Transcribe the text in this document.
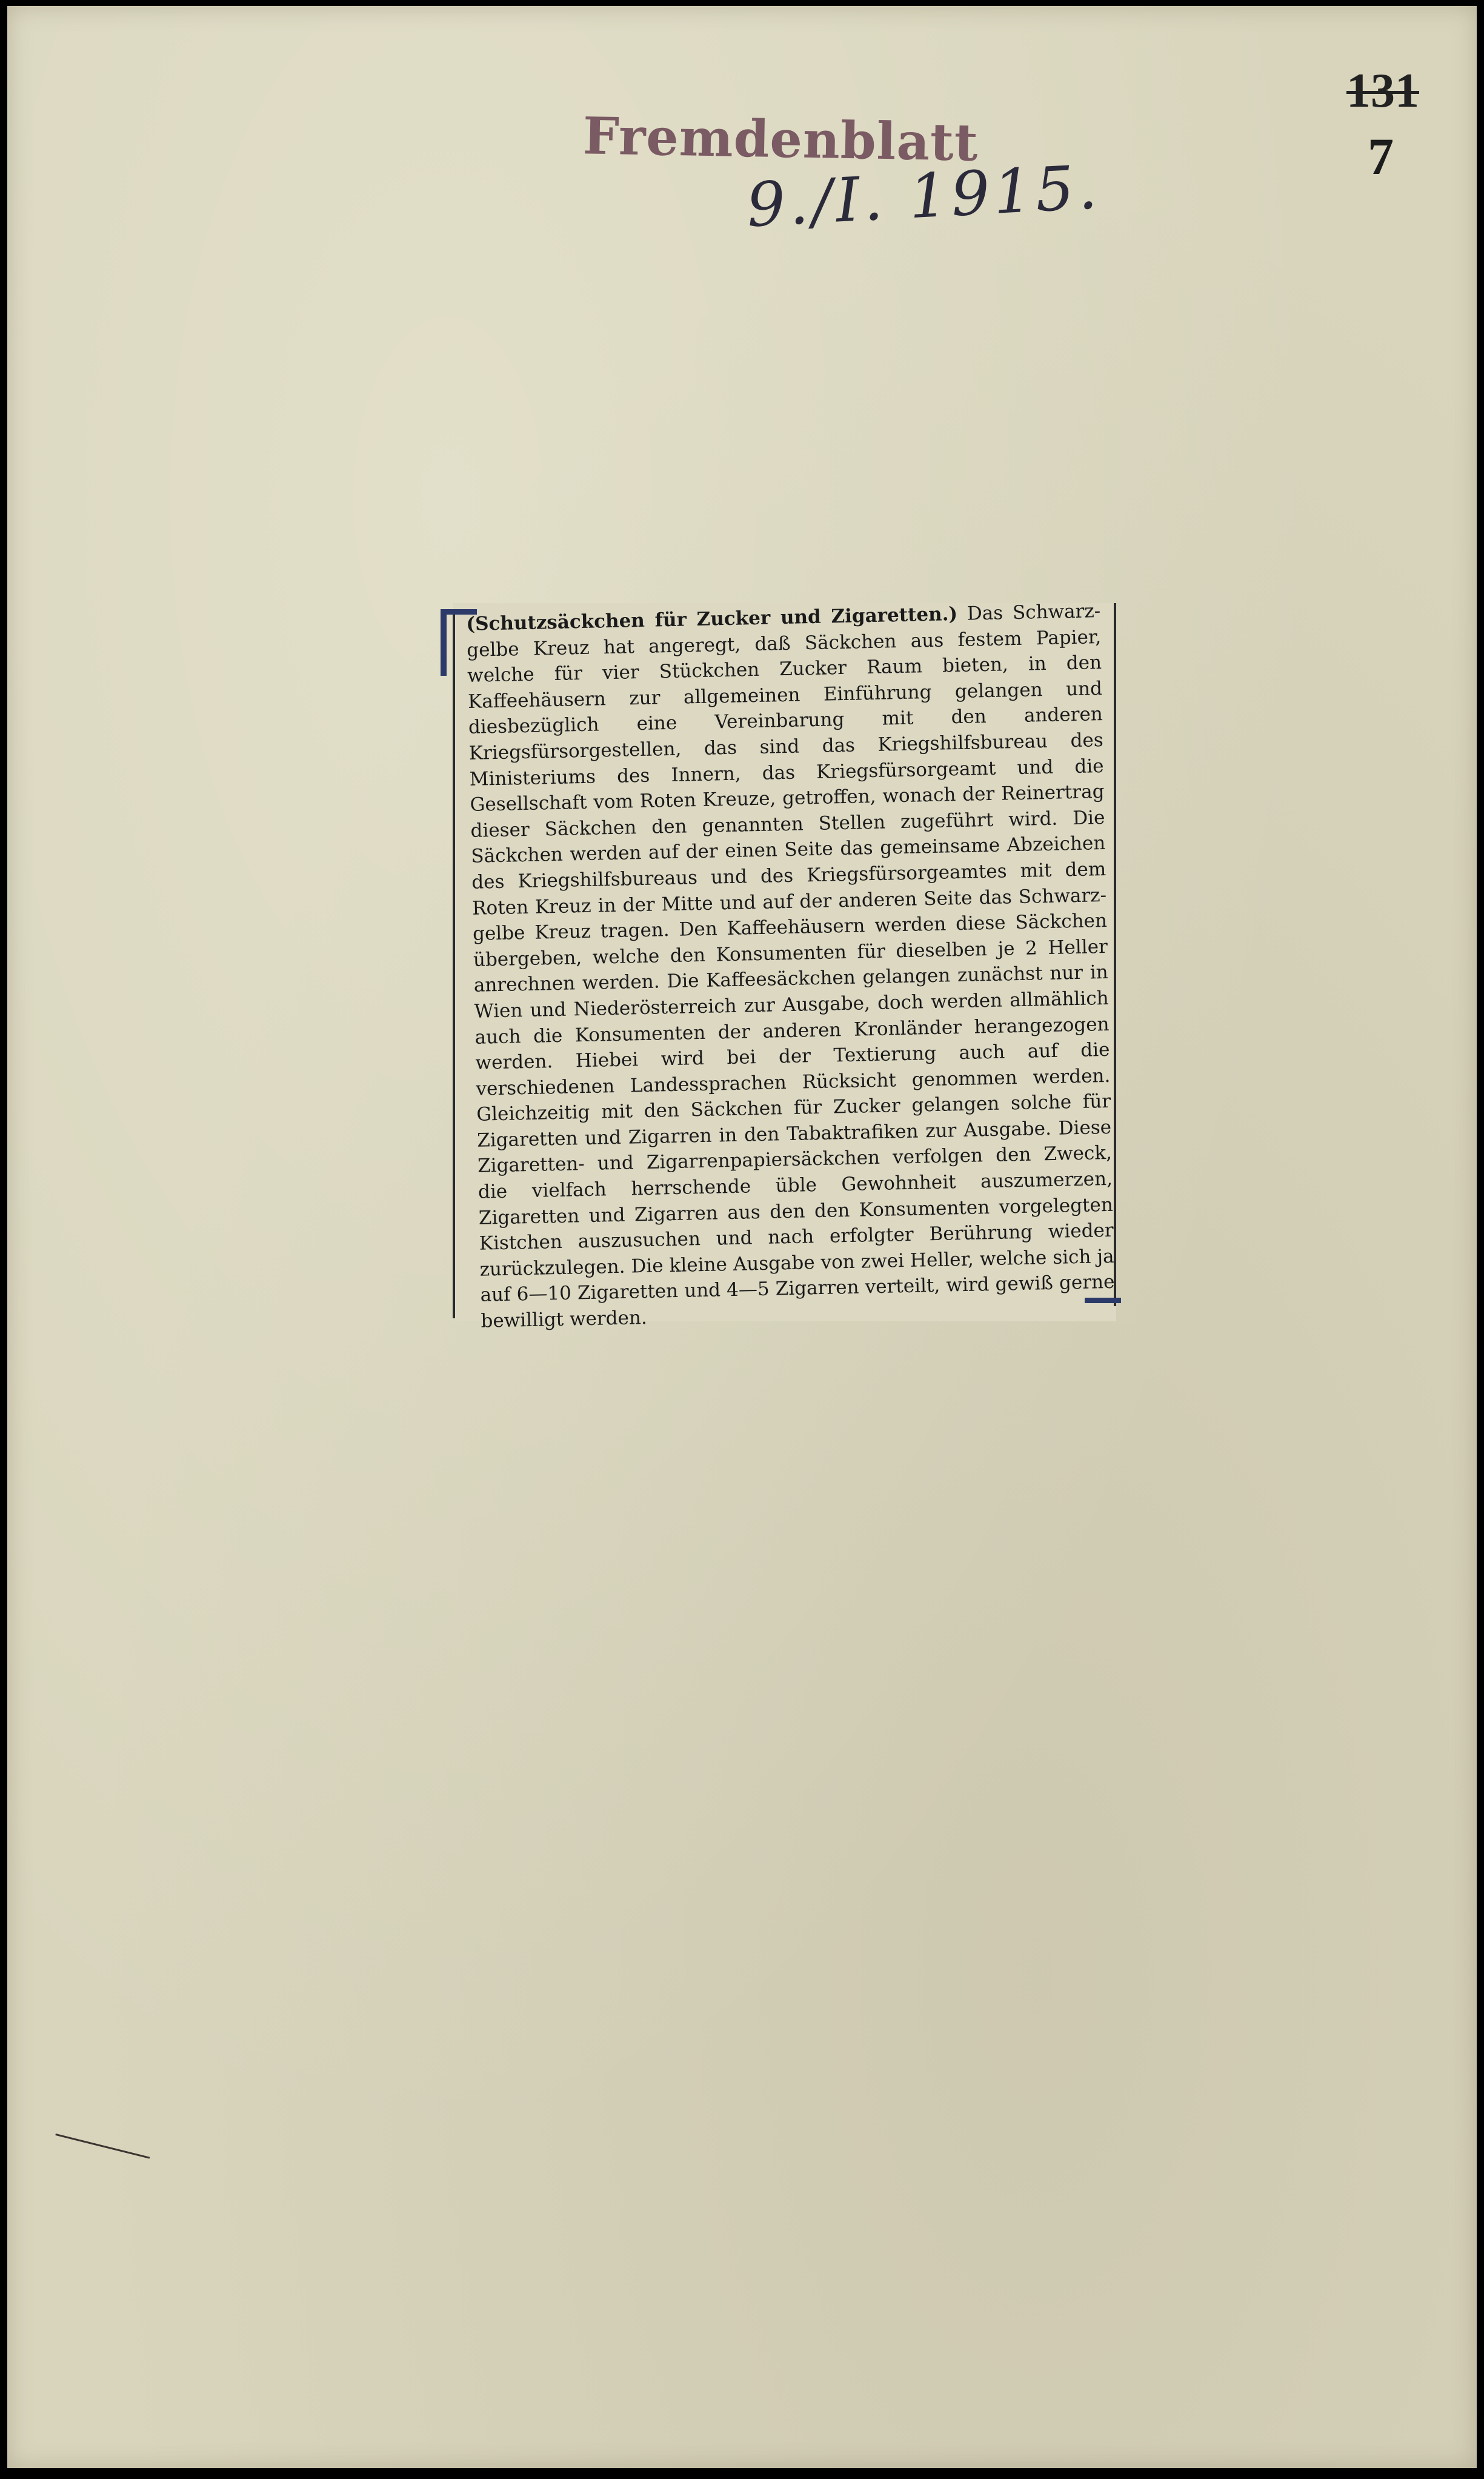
Fremdenblatt
9./I. 1915.
131
7

(Schutzsäckchen für Zucker und Zigaretten.) Das Schwarz-gelbe Kreuz hat angeregt, daß Säckchen aus festem Papier, welche für vier Stückchen Zucker Raum bieten, in den Kaffeehäusern zur allgemeinen Einführung gelangen und diesbezüglich eine Vereinbarung mit den anderen Kriegsfürsorgestellen, das sind das Kriegshilfsbureau des Ministeriums des Innern, das Kriegsfürsorgeamt und die Gesellschaft vom Roten Kreuze, getroffen, wonach der Reinertrag dieser Säckchen den genannten Stellen zugeführt wird. Die Säckchen werden auf der einen Seite das gemeinsame Abzeichen des Kriegshilfsbureaus und des Kriegsfürsorgeamtes mit dem Roten Kreuz in der Mitte und auf der anderen Seite das Schwarz-gelbe Kreuz tragen. Den Kaffeehäusern werden diese Säckchen übergeben, welche den Konsumenten für dieselben je 2 Heller anrechnen werden. Die Kaffeesäckchen gelangen zunächst nur in Wien und Niederösterreich zur Ausgabe, doch werden allmählich auch die Konsumenten der anderen Kronländer herangezogen werden. Hiebei wird bei der Textierung auch auf die verschiedenen Landessprachen Rücksicht genommen werden. Gleichzeitig mit den Säckchen für Zucker gelangen solche für Zigaretten und Zigarren in den Tabaktrafiken zur Ausgabe. Diese Zigaretten- und Zigarrenpapiersäckchen verfolgen den Zweck, die vielfach herrschende üble Gewohnheit auszumerzen, Zigaretten und Zigarren aus den den Konsumenten vorgelegten Kistchen auszusuchen und nach erfolgter Berührung wieder zurückzulegen. Die kleine Ausgabe von zwei Heller, welche sich ja auf 6—10 Zigaretten und 4—5 Zigarren verteilt, wird gewiß gerne bewilligt werden.
